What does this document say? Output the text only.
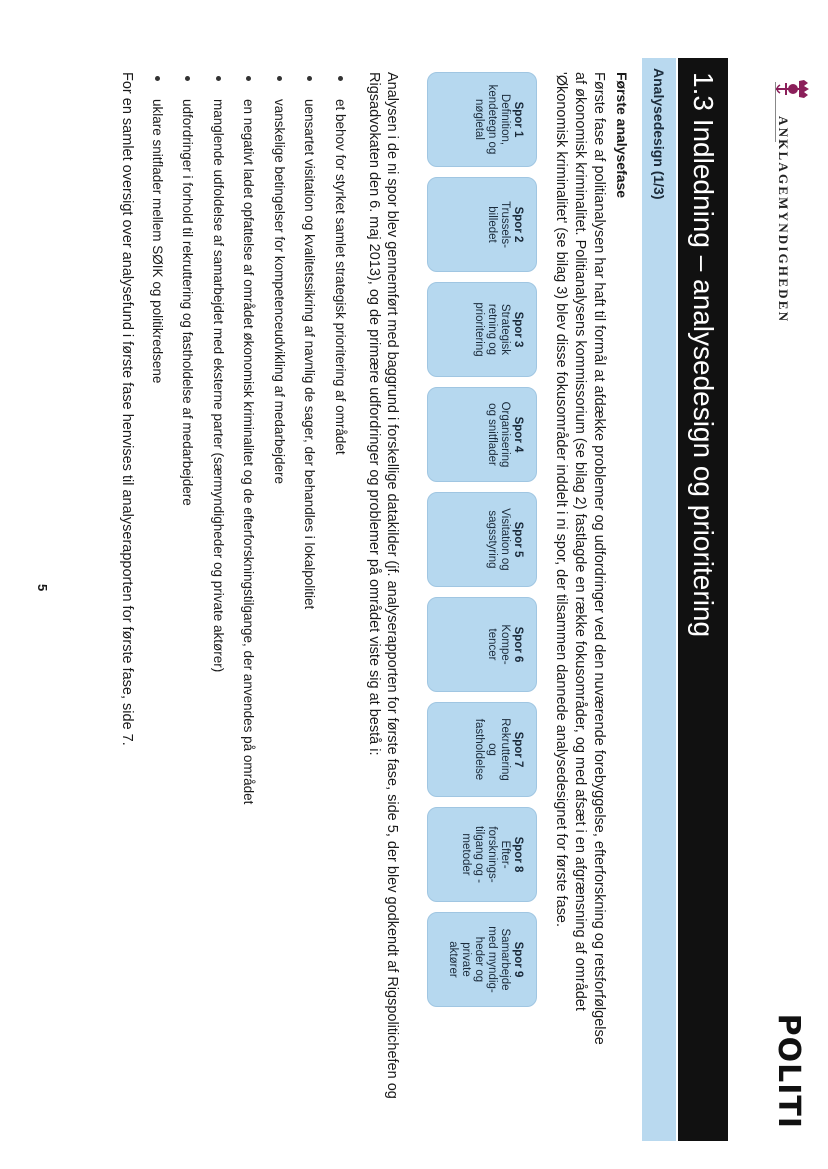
ANKLAGEMYNDIGHEDEN
POLITI
1.3 Indledning – analysedesign og prioritering
Analysedesign (1/3)

Første analysefase

Første fase af politianalysen har haft til formål at afdække problemer og udfordringer ved den nuværende forebyggelse, efterforskning og retsforfølgelse af økonomisk kriminalitet. Politianalysens kommissorium (se bilag 2) fastlagde en række fokusområder, og med afsæt i en afgrænsning af området 'Økonomisk kriminalitet' (se bilag 3) blev disse fokusområder inddelt i ni spor, der tilsammen dannede analysedesignet for første fase.

Spor 1
Definition,
kendetegn og
nøgletal
Spor 2
Trussels-
billedet
Spor 3
Strategisk
retning og
prioritering
Spor 4
Organisering
og snitflader
Spor 5
Visitation og
sagsstyring
Spor 6
Kompe-
tencer
Spor 7
Rekruttering
og
fastholdelse
Spor 8
Efter-
forsknings-
tilgang og -
metoder
Spor 9
Samarbejde
med myndig-
heder og
private
aktører

Analysen i de ni spor blev gennemført med baggrund i forskellige datakilder (jf. analyserapporten for første fase, side 5, der blev godkendt af Rigspolitichefen og Rigsadvokaten den 6. maj 2013), og de primære udfordringer og problemer på området viste sig at bestå i:

et behov for styrket samlet strategisk prioritering af området
uensartet visitation og kvalitetssikring af navnlig de sager, der behandles i lokalpolitiet
vanskelige betingelser for kompetenceudvikling af medarbejdere
en negativt ladet opfattelse af området økonomisk kriminalitet og de efterforskningstilgange, der anvendes på området
manglende udfoldelse af samarbejdet med eksterne parter (særmyndigheder og private aktører)
udfordringer i forhold til rekruttering og fastholdelse af medarbejdere
uklare snitflader mellem SØIK og politikredsene

For en samlet oversigt over analysefund i første fase henvises til analyserapporten for første fase, side 7.

5
